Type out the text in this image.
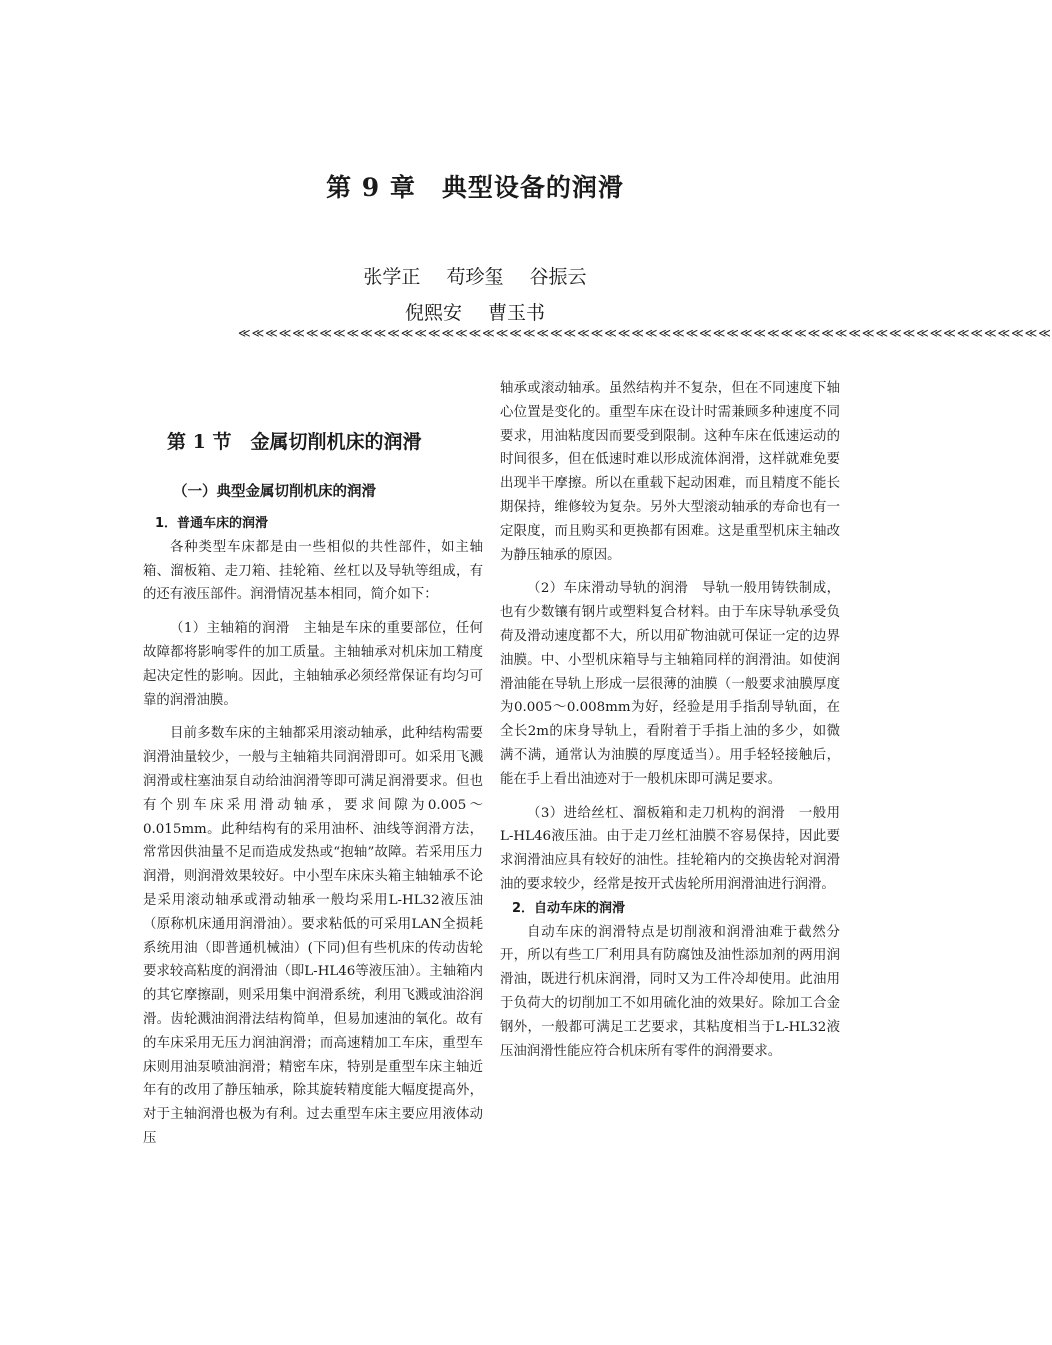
第 9 章　典型设备的润滑
张学正 苟珍玺 谷振云
倪熙安 曹玉书
≪≪≪≪≪≪≪≪≪≪≪≪≪≪≪≪≪≪≪≪≪≪≪≪≪≪≪≪≪≪≪≪≪≪≪≪≪≪≪≪≪≪≪≪≪≪≪≪≪≪≪≪≪≪≪≪≪≪≪≪
第 1 节　金属切削机床的润滑
（一）典型金属切削机床的润滑
1．普通车床的润滑

各种类型车床都是由一些相似的共性部件，如主轴箱、溜板箱、走刀箱、挂轮箱、丝杠以及导轨等组成，有的还有液压部件。润滑情况基本相同，简介如下：

（1）主轴箱的润滑　主轴是车床的重要部位，任何故障都将影响零件的加工质量。主轴轴承对机床加工精度起决定性的影响。因此，主轴轴承必须经常保证有均匀可靠的润滑油膜。

目前多数车床的主轴都采用滚动轴承，此种结构需要润滑油量较少，一般与主轴箱共同润滑即可。如采用飞溅润滑或柱塞油泵自动给油润滑等即可满足润滑要求。但也有个别车床采用滑动轴承，要求间隙为0.005～0.015mm。此种结构有的采用油杯、油线等润滑方法，常常因供油量不足而造成发热或“抱轴”故障。若采用压力润滑，则润滑效果较好。中小型车床床头箱主轴轴承不论是采用滚动轴承或滑动轴承一般均采用L-HL32液压油（原称机床通用润滑油）。要求粘低的可采用LAN全损耗系统用油（即普通机械油）(下同)但有些机床的传动齿轮要求较高粘度的润滑油（即L-HL46等液压油）。主轴箱内的其它摩擦副，则采用集中润滑系统，利用飞溅或油浴润滑。齿轮溅油润滑法结构简单，但易加速油的氧化。故有的车床采用无压力润油润滑；而高速精加工车床，重型车床则用油泵喷油润滑；精密车床，特别是重型车床主轴近年有的改用了静压轴承，除其旋转精度能大幅度提高外，对于主轴润滑也极为有利。过去重型车床主要应用液体动压

轴承或滚动轴承。虽然结构并不复杂，但在不同速度下轴心位置是变化的。重型车床在设计时需兼顾多种速度不同要求，用油粘度因而要受到限制。这种车床在低速运动的时间很多，但在低速时难以形成流体润滑，这样就难免要出现半干摩擦。所以在重载下起动困难，而且精度不能长期保持，维修较为复杂。另外大型滚动轴承的寿命也有一定限度，而且购买和更换都有困难。这是重型机床主轴改为静压轴承的原因。

（2）车床滑动导轨的润滑　导轨一般用铸铁制成，也有少数镶有钢片或塑料复合材料。由于车床导轨承受负荷及滑动速度都不大，所以用矿物油就可保证一定的边界油膜。中、小型机床箱导与主轴箱同样的润滑油。如使润滑油能在导轨上形成一层很薄的油膜（一般要求油膜厚度为0.005～0.008mm为好，经验是用手指刮导轨面，在全长2m的床身导轨上，看附着于手指上油的多少，如微满不满，通常认为油膜的厚度适当）。用手轻轻接触后，能在手上看出油迹对于一般机床即可满足要求。

（3）进给丝杠、溜板箱和走刀机构的润滑　一般用L-HL46液压油。由于走刀丝杠油膜不容易保持，因此要求润滑油应具有较好的油性。挂轮箱内的交换齿轮对润滑油的要求较少，经常是按开式齿轮所用润滑油进行润滑。

2．自动车床的润滑

自动车床的润滑特点是切削液和润滑油难于截然分开，所以有些工厂利用具有防腐蚀及油性添加剂的两用润滑油，既进行机床润滑，同时又为工件冷却使用。此油用于负荷大的切削加工不如用硫化油的效果好。除加工合金钢外，一般都可满足工艺要求，其粘度相当于L-HL32液压油润滑性能应符合机床所有零件的润滑要求。
